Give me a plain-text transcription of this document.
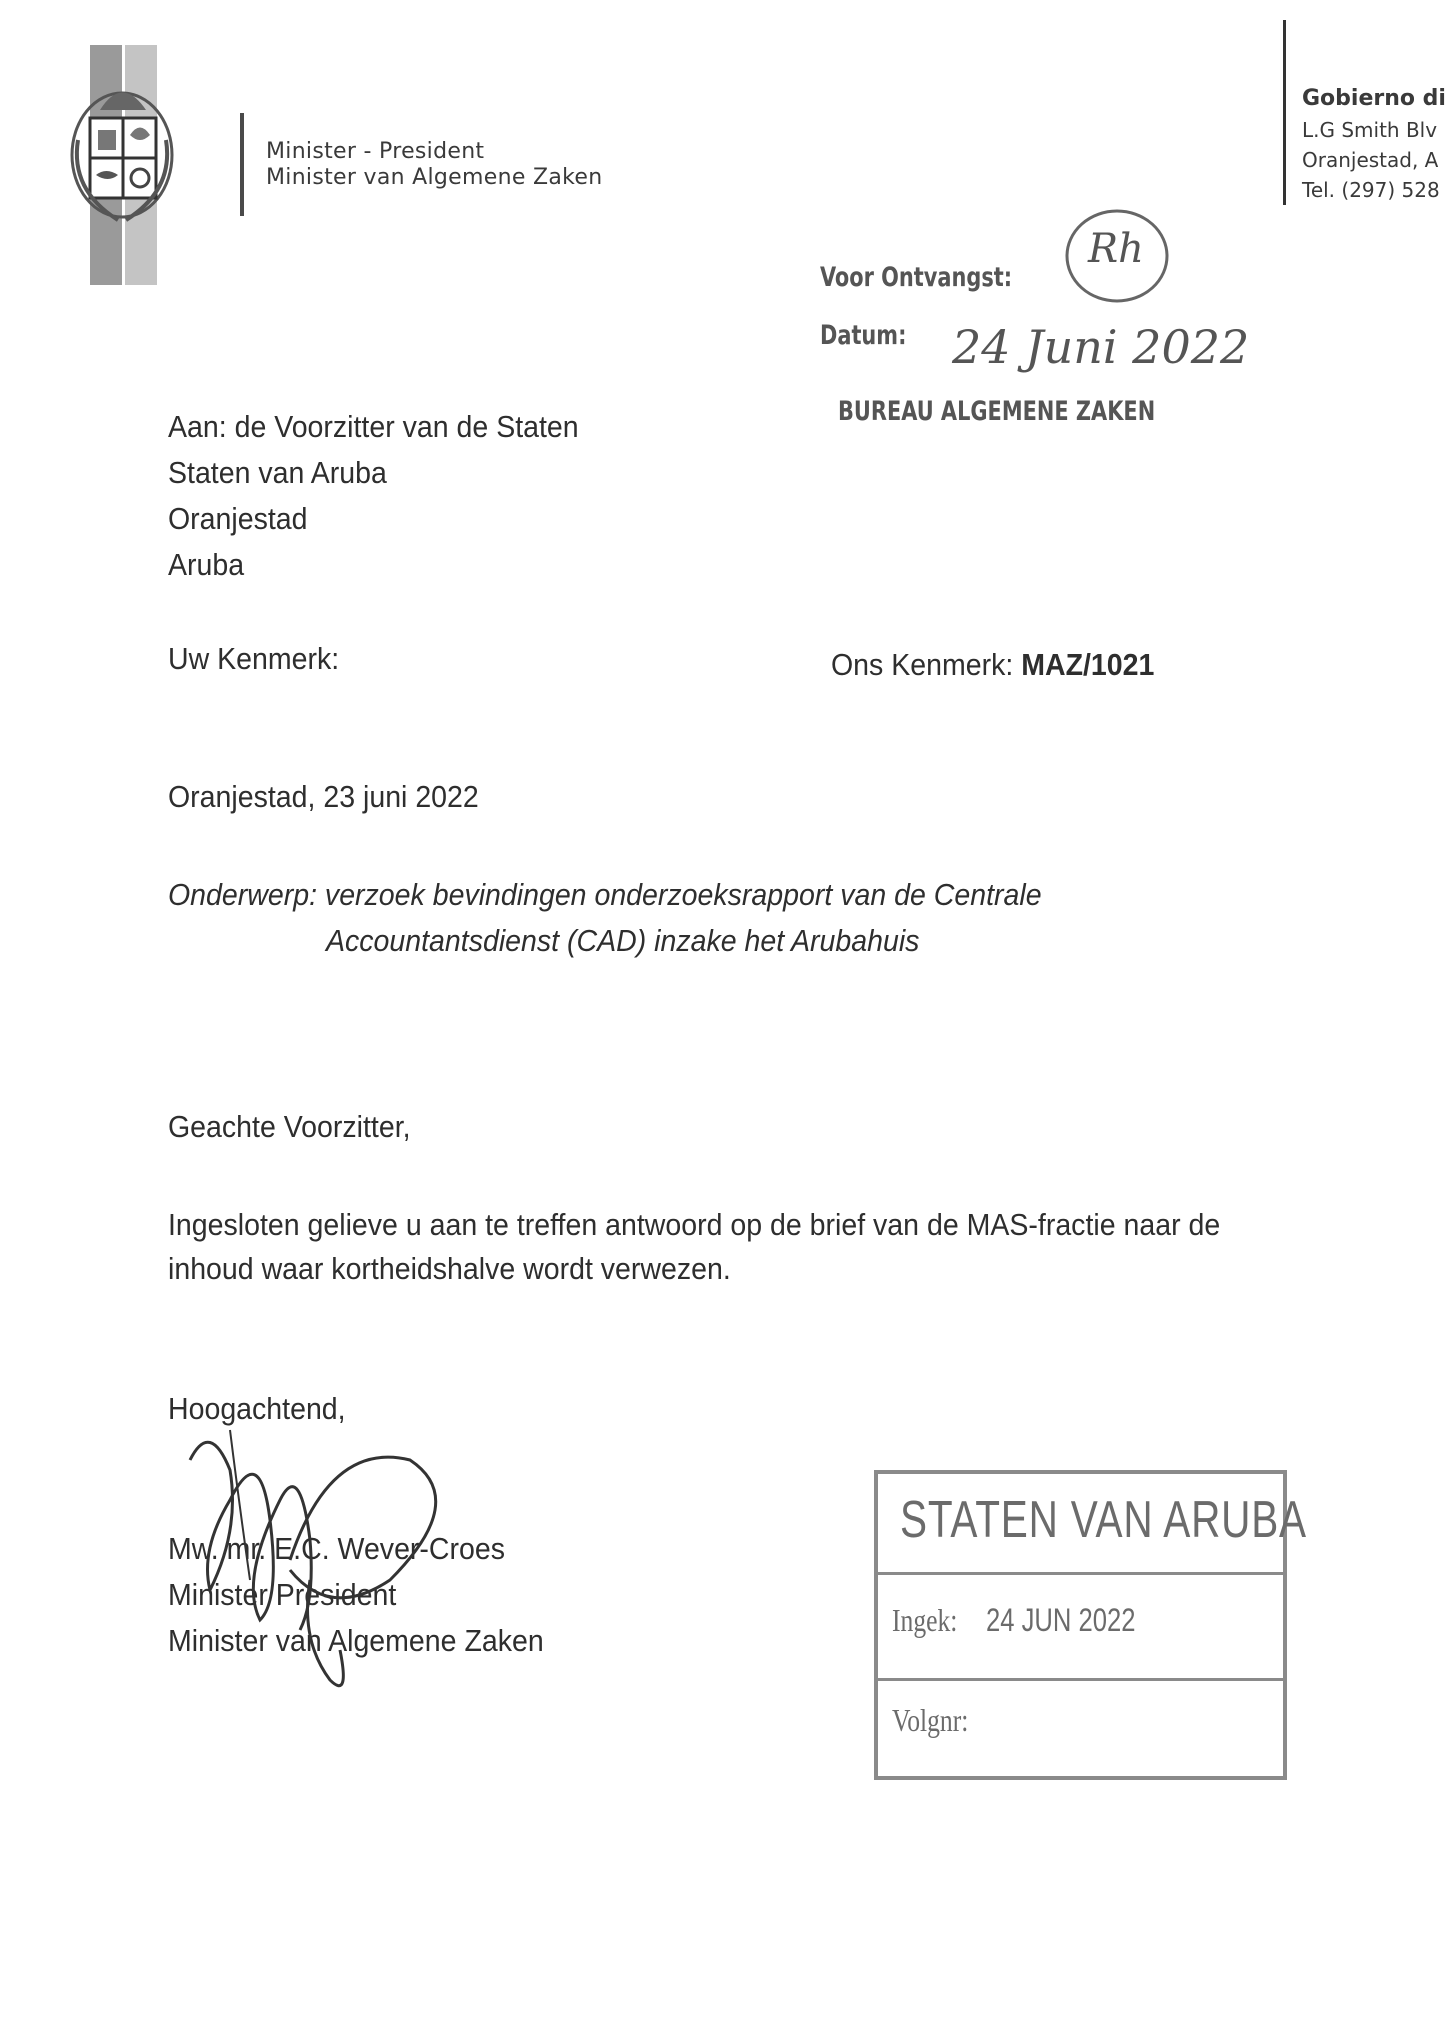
Minister - President
Minister van Algemene Zaken
Gobierno di
L.G Smith Blv
Oranjestad, A
Tel. (297) 528
Voor Ontvangst:
Rh
Datum: 24 Juni 2022
BUREAU ALGEMENE ZAKEN
Aan: de Voorzitter van de Staten
Staten van Aruba
Oranjestad
Aruba
Uw Kenmerk:	Ons Kenmerk: MAZ/1021
Oranjestad, 23 juni 2022
Onderwerp: verzoek bevindingen onderzoeksrapport van de Centrale
Accountantsdienst (CAD) inzake het Arubahuis
Geachte Voorzitter,
Ingesloten gelieve u aan te treffen antwoord op de brief van de MAS-fractie naar de
inhoud waar kortheidshalve wordt verwezen.
Hoogachtend,
Mw. mr. E.C. Wever-Croes
Minister President
Minister van Algemene Zaken
STATEN VAN ARUBA
Ingek: 24 JUN 2022
Volgnr:
